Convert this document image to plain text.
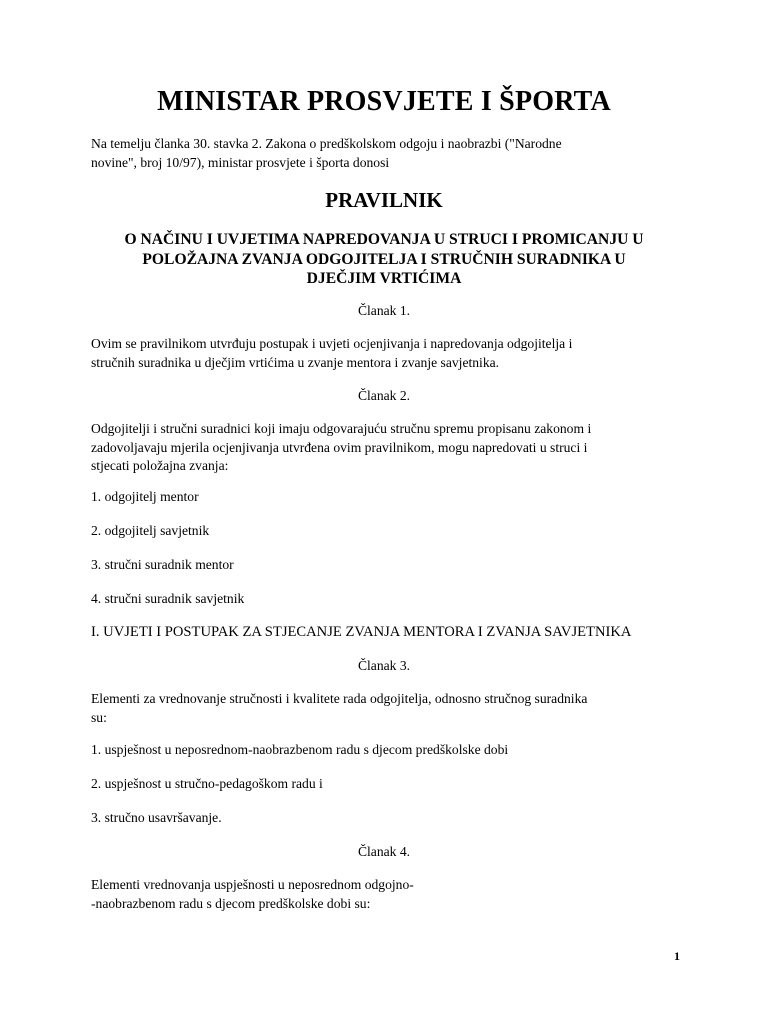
MINISTAR PROSVJETE I ŠPORTA
Na temelju članka 30. stavka 2. Zakona o predškolskom odgoju i naobrazbi ("Narodne
novine", broj 10/97), ministar prosvjete i športa donosi
PRAVILNIK
O NAČINU I UVJETIMA NAPREDOVANJA U STRUCI I PROMICANJU U
POLOŽAJNA ZVANJA ODGOJITELJA I STRUČNIH SURADNIKA U
DJEČJIM VRTIĆIMA
Članak 1.
Ovim se pravilnikom utvrđuju postupak i uvjeti ocjenjivanja i napredovanja odgojitelja i
stručnih suradnika u dječjim vrtićima u zvanje mentora i zvanje savjetnika.
Članak 2.
Odgojitelji i stručni suradnici koji imaju odgovarajuću stručnu spremu propisanu zakonom i
zadovoljavaju mjerila ocjenjivanja utvrđena ovim pravilnikom, mogu napredovati u struci i
stjecati položajna zvanja:
1. odgojitelj mentor
2. odgojitelj savjetnik
3. stručni suradnik mentor
4. stručni suradnik savjetnik
I. UVJETI I POSTUPAK ZA STJECANJE ZVANJA MENTORA I ZVANJA SAVJETNIKA
Članak 3.
Elementi za vrednovanje stručnosti i kvalitete rada odgojitelja, odnosno stručnog suradnika
su:
1. uspješnost u neposrednom-naobrazbenom radu s djecom predškolske dobi
2. uspješnost u stručno-pedagoškom radu i
3. stručno usavršavanje.
Članak 4.
Elementi vrednovanja uspješnosti u neposrednom odgojno-
-naobrazbenom radu s djecom predškolske dobi su:
1
